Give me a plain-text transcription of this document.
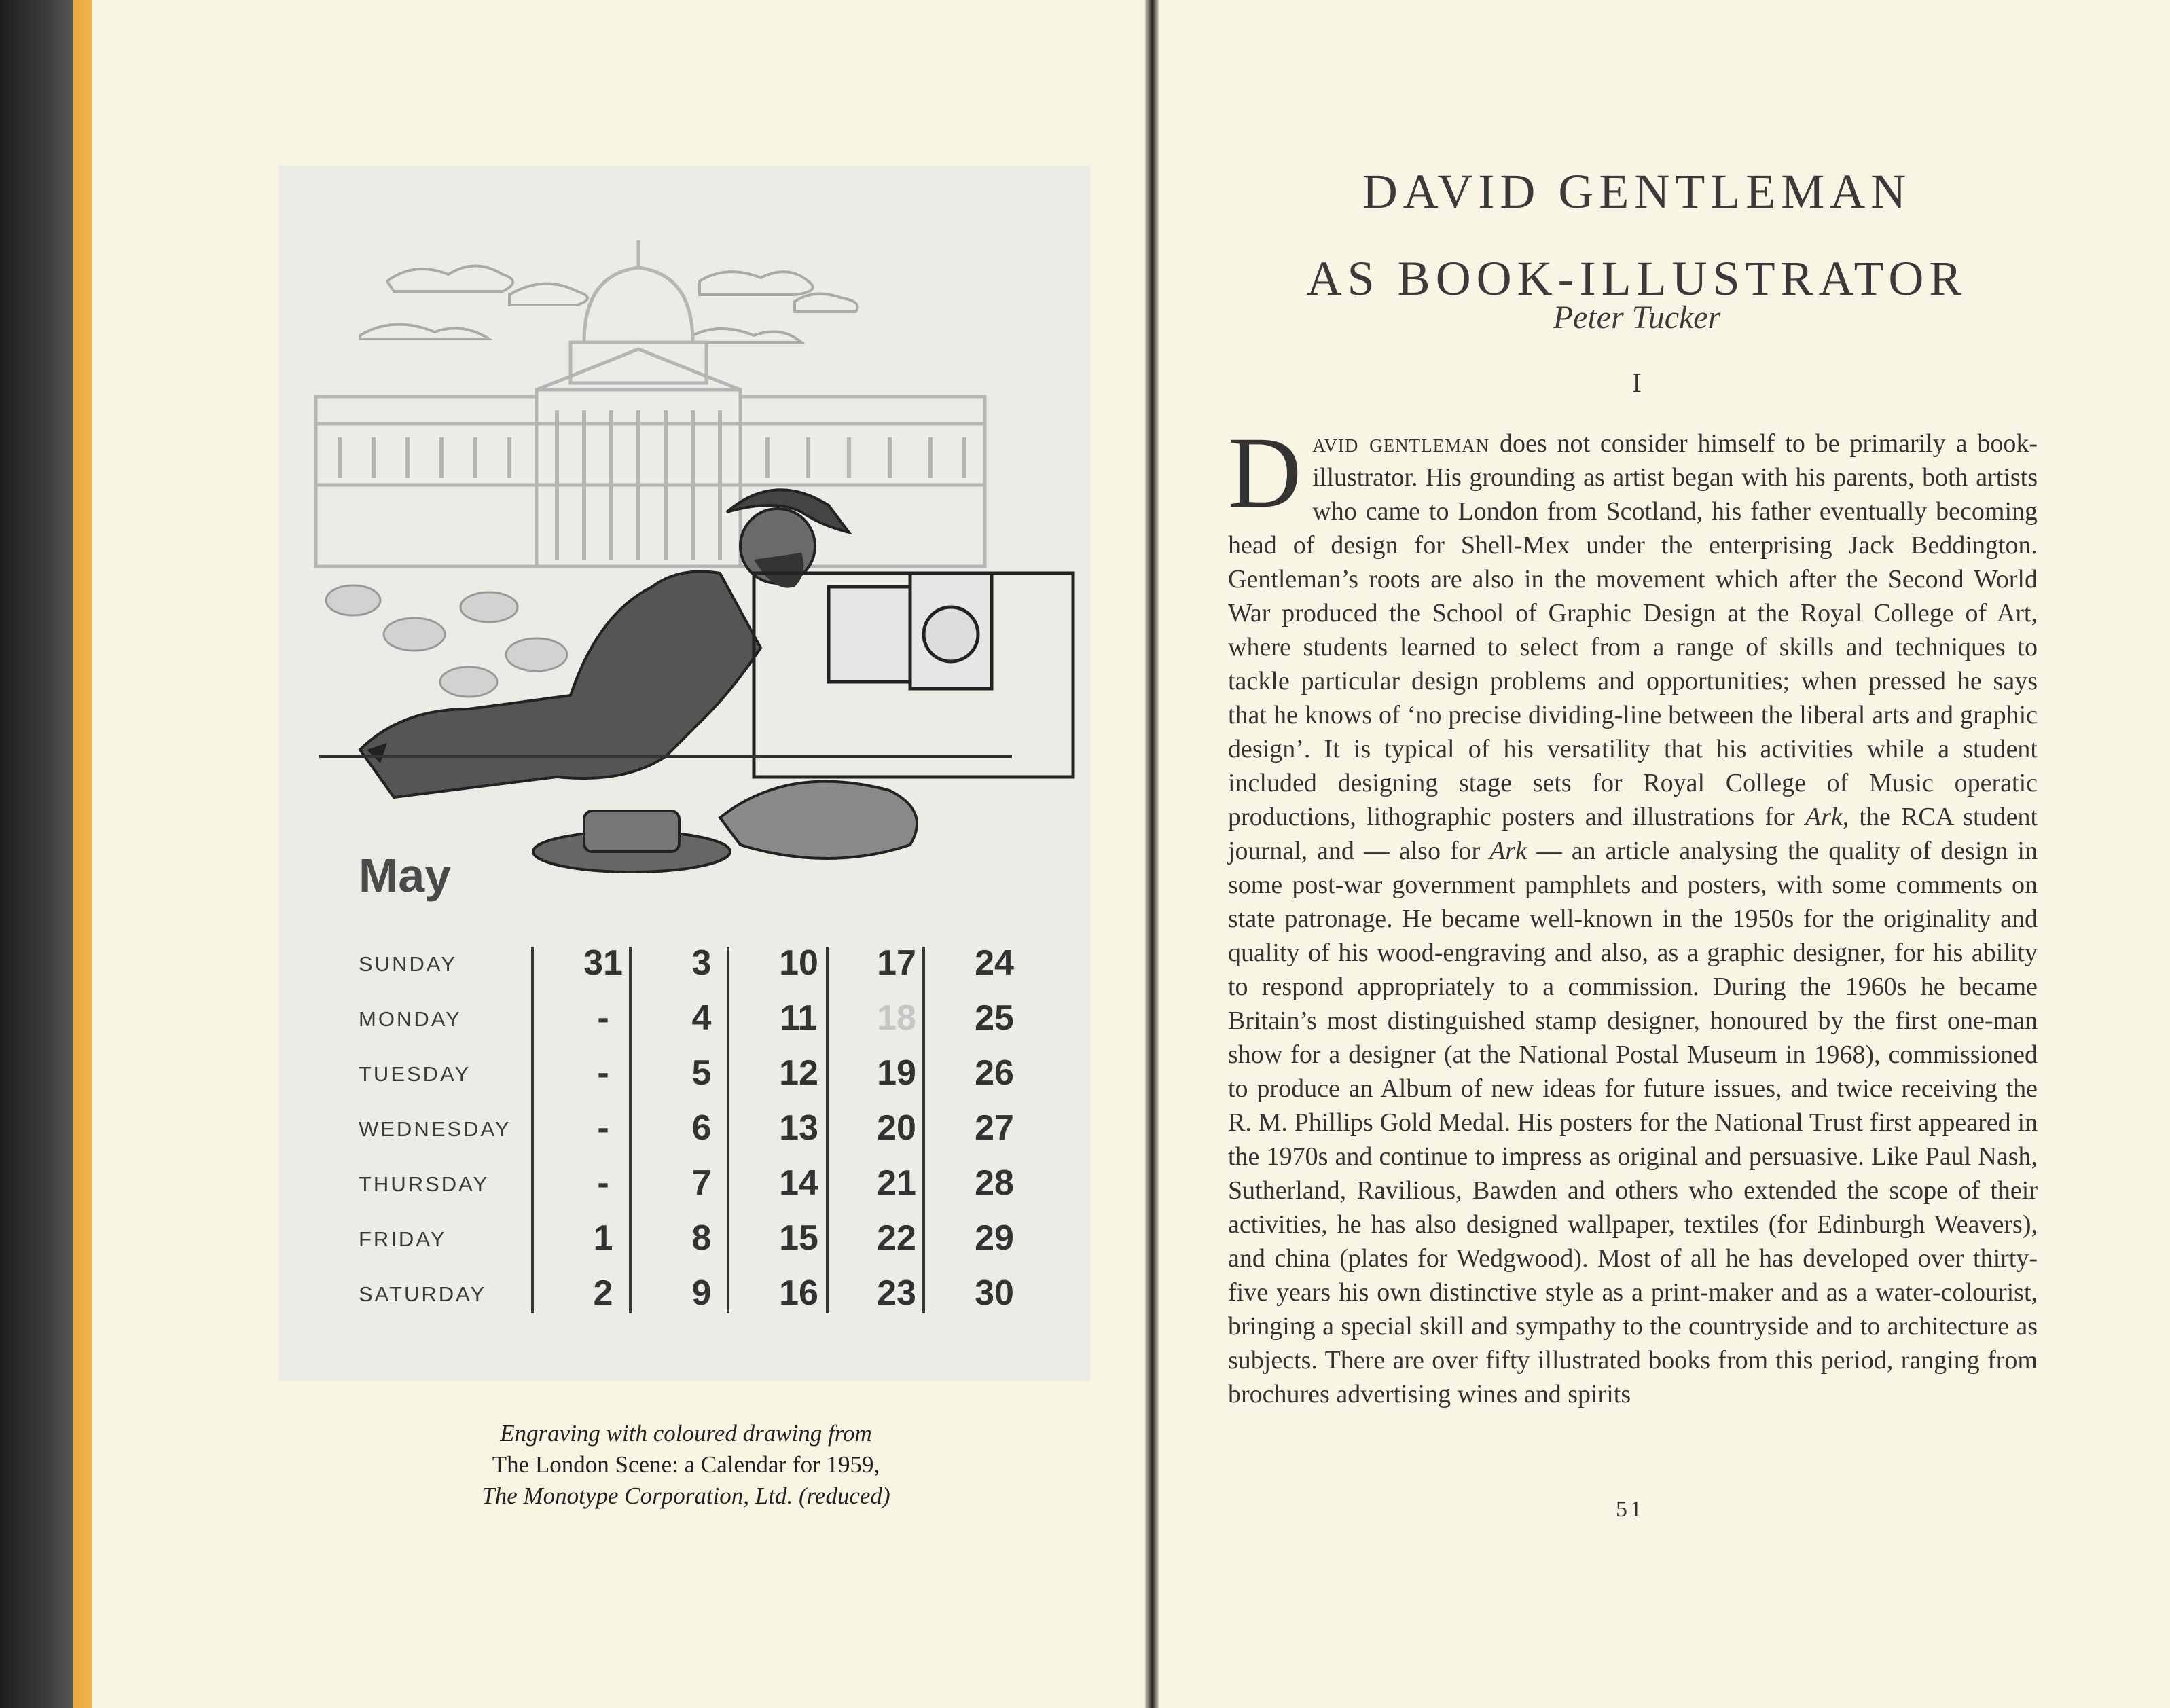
May
SUNDAY	31	3	10	17	24
MONDAY	-	4	11	18	25
TUESDAY	-	5	12	19	26
WEDNESDAY	-	6	13	20	27
THURSDAY	-	7	14	21	28
FRIDAY	1	8	15	22	29
SATURDAY	2	9	16	23	30
Engraving with coloured drawing from
The London Scene: a Calendar for 1959,
The Monotype Corporation, Ltd. (reduced)
DAVID GENTLEMAN
AS BOOK-ILLUSTRATOR
Peter Tucker
I
David gentleman does not consider himself to be primarily a book-illustrator. His grounding as artist began with his parents, both artists who came to London from Scotland, his father eventually becoming head of design for Shell-Mex under the enterprising Jack Beddington. Gentleman’s roots are also in the movement which after the Second World War produced the School of Graphic Design at the Royal College of Art, where students learned to select from a range of skills and techniques to tackle particular design problems and opportunities; when pressed he says that he knows of ‘no precise dividing-line between the liberal arts and graphic design’. It is typical of his versatility that his activities while a student included designing stage sets for Royal College of Music operatic productions, lithographic posters and illustrations for Ark, the RCA student journal, and — also for Ark — an article analysing the quality of design in some post-war government pamphlets and posters, with some comments on state patronage. He became well-known in the 1950s for the originality and quality of his wood-engraving and also, as a graphic designer, for his ability to respond appropriately to a commission. During the 1960s he became Britain’s most distinguished stamp designer, honoured by the first one-man show for a designer (at the National Postal Museum in 1968), commissioned to produce an Album of new ideas for future issues, and twice receiving the R. M. Phillips Gold Medal. His posters for the National Trust first appeared in the 1970s and continue to impress as original and persuasive. Like Paul Nash, Sutherland, Ravilious, Bawden and others who extended the scope of their activities, he has also designed wallpaper, textiles (for Edinburgh Weavers), and china (plates for Wedgwood). Most of all he has developed over thirty-five years his own distinctive style as a print-maker and as a water-colourist, bringing a special skill and sympathy to the countryside and to architecture as subjects. There are over fifty illustrated books from this period, ranging from brochures advertising wines and spirits
51
